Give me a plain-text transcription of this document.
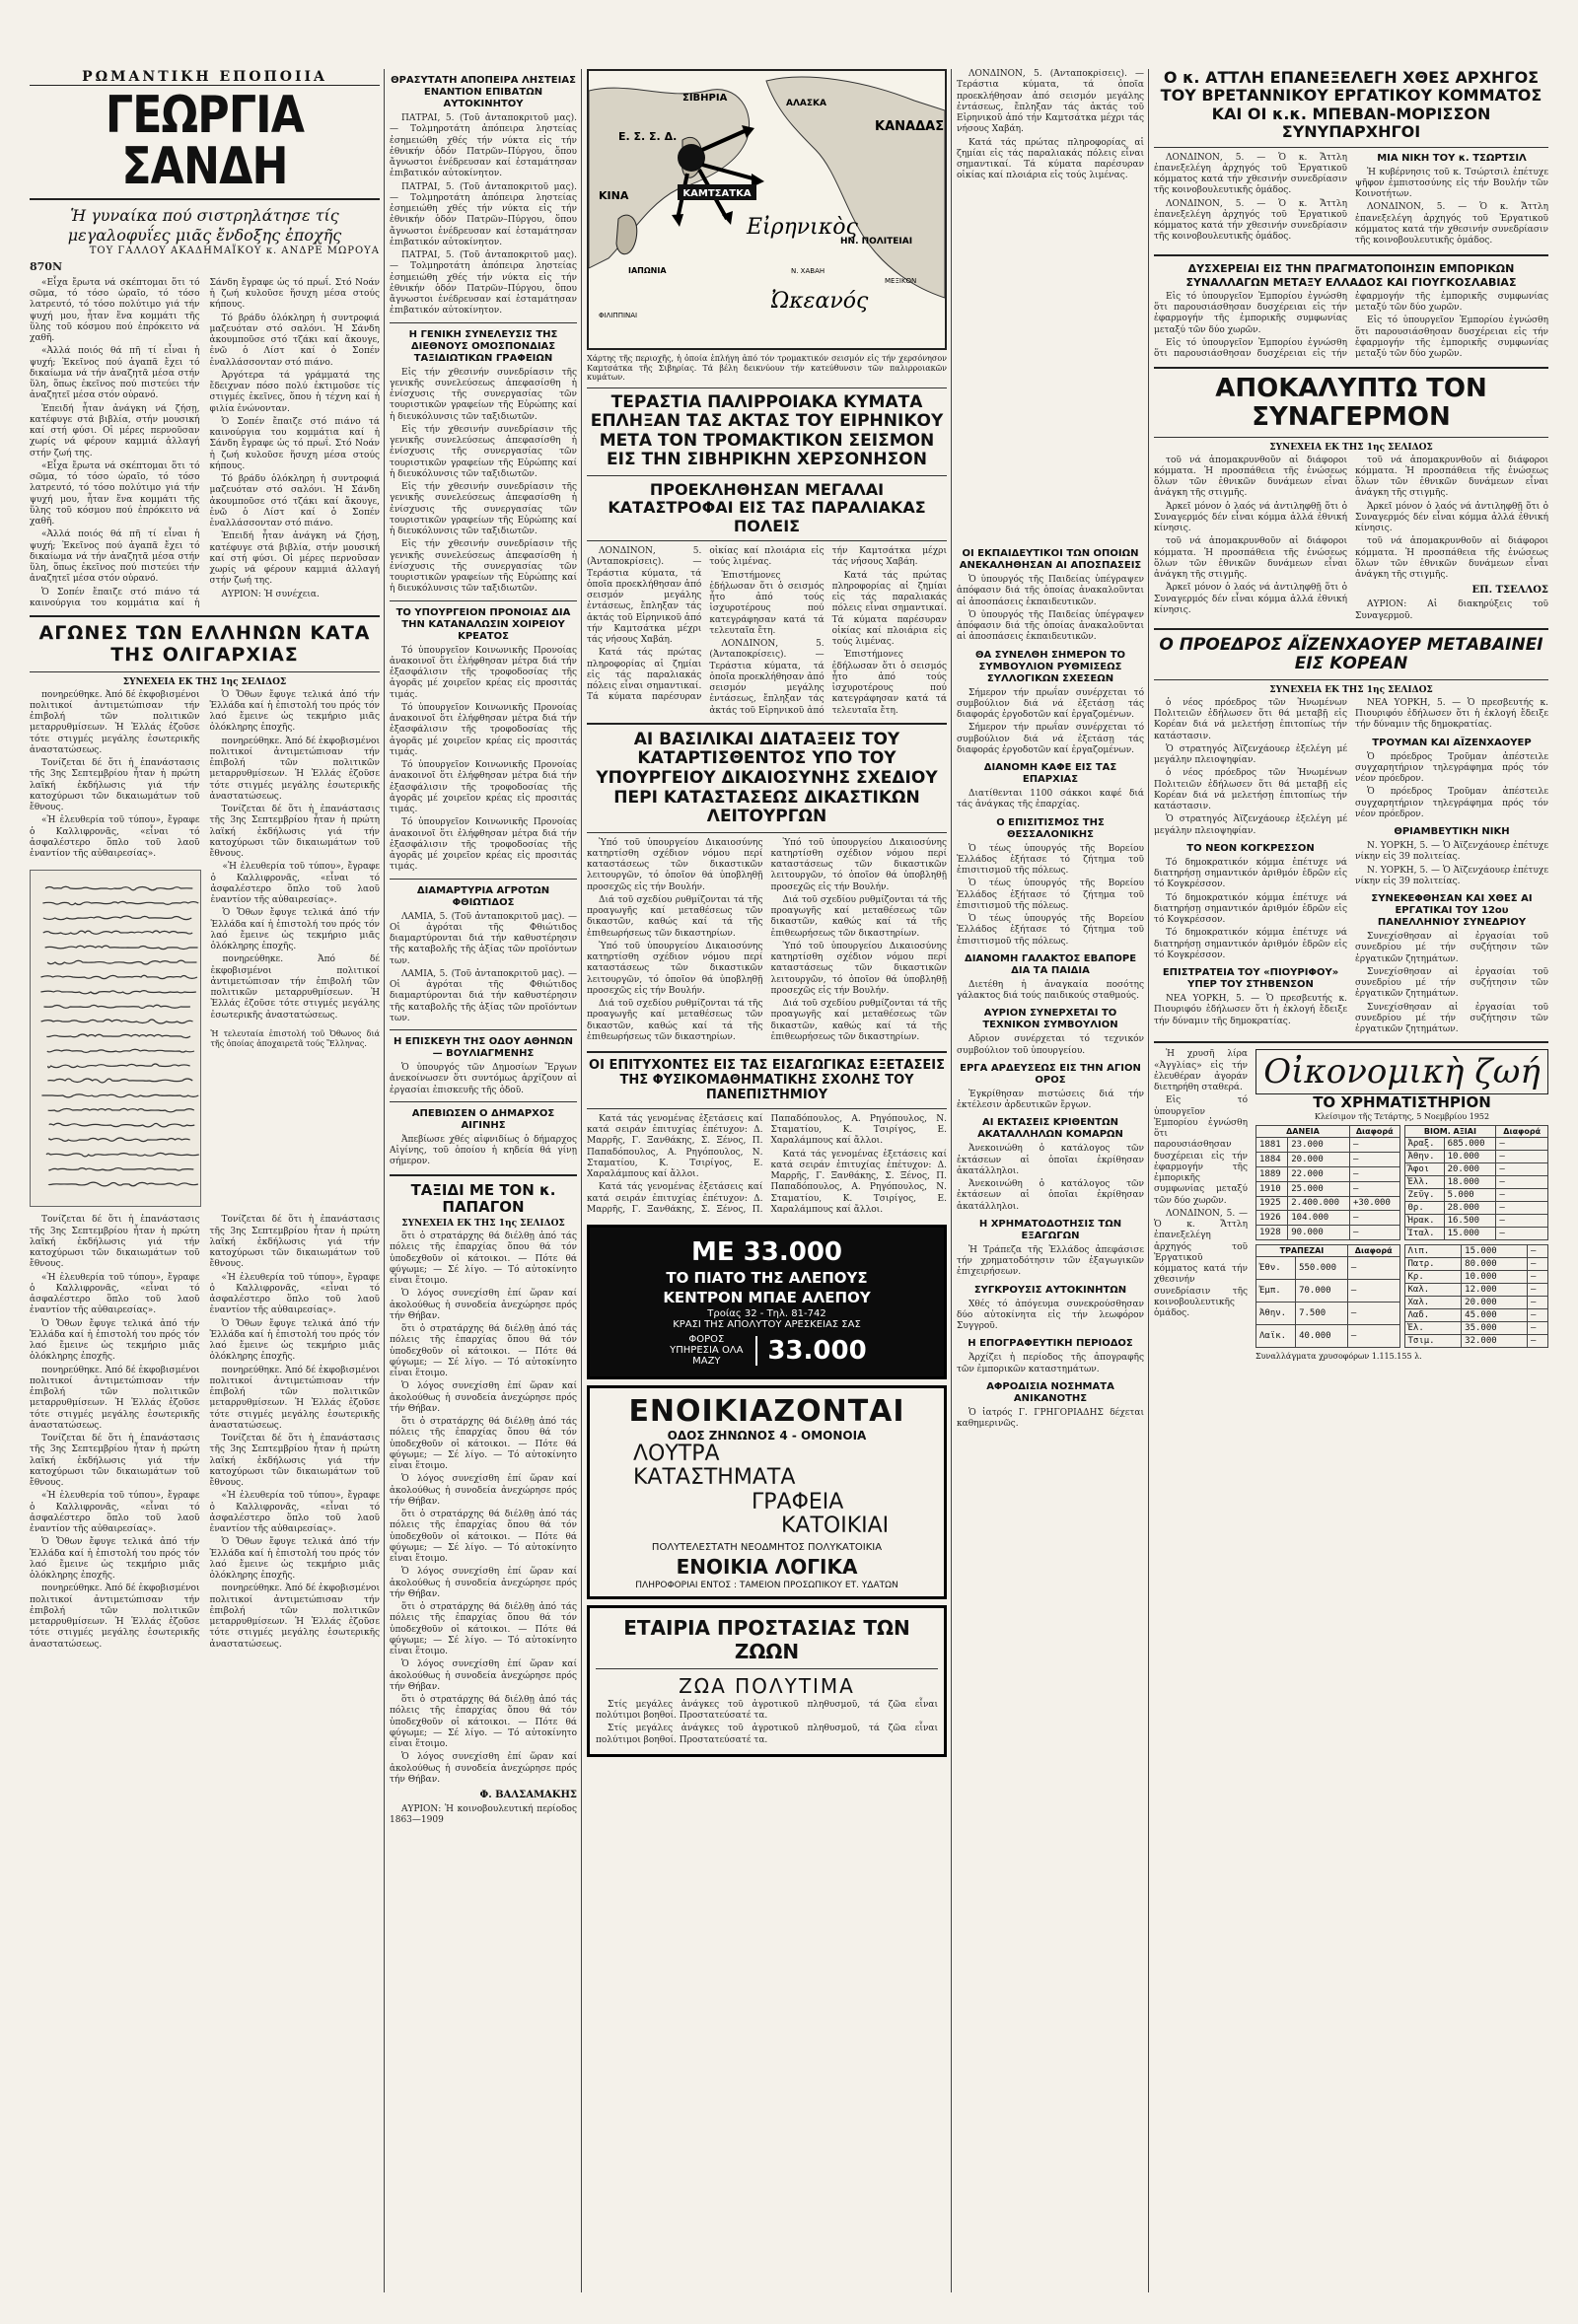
ΡΩΜΑΝΤΙΚΗ ΕΠΟΠΟΙΙΑ
ΓΕΩΡΓΙΑ ΣΑΝΔΗ
Ἡ γυναίκα πού σιστρηλάτησε τίς μεγαλοφυΐες μιᾶς ἔνδοξης ἐποχῆς
ΤΟΥ ΓΑΛΛΟΥ ΑΚΑΔΗΜΑΪΚΟΥ κ. ΑΝΔΡΕ ΜΩΡΟΥΑ

870Ν

«Εἶχα ἔρωτα νά σκέπτομαι ὅτι τό σῶμα, τό τόσο ὡραῖο, τό τόσο λατρευτό, τό τόσο πολύτιμο γιά τήν ψυχή μου, ἦταν ἕνα κομμάτι τῆς ὕλης τοῦ κόσμου πού ἐπρόκειτο νά χαθῆ.

«Ἀλλά ποιός θά πῆ τί εἶναι ἡ ψυχή; Ἐκεῖνος πού ἀγαπᾶ ἔχει τό δικαίωμα νά τήν ἀναζητᾶ μέσα στήν ὕλη, ὅπως ἐκεῖνος πού πιστεύει τήν ἀναζητεῖ μέσα στόν οὐρανό.

Ἐπειδή ἦταν ἀνάγκη νά ζήσῃ, κατέφυγε στά βιβλία, στήν μουσική καί στή φύσι. Οἱ μέρες περνοῦσαν χωρίς νά φέρουν καμμιά ἀλλαγή στήν ζωή της.

«Εἶχα ἔρωτα νά σκέπτομαι ὅτι τό σῶμα, τό τόσο ὡραῖο, τό τόσο λατρευτό, τό τόσο πολύτιμο γιά τήν ψυχή μου, ἦταν ἕνα κομμάτι τῆς ὕλης τοῦ κόσμου πού ἐπρόκειτο νά χαθῆ.

«Ἀλλά ποιός θά πῆ τί εἶναι ἡ ψυχή; Ἐκεῖνος πού ἀγαπᾶ ἔχει τό δικαίωμα νά τήν ἀναζητᾶ μέσα στήν ὕλη, ὅπως ἐκεῖνος πού πιστεύει τήν ἀναζητεῖ μέσα στόν οὐρανό.

Ὁ Σοπέν ἔπαιζε στό πιάνο τά καινούργια του κομμάτια καί ἡ Σάνδη ἔγραφε ὡς τό πρωΐ. Στό Νοάν ἡ ζωή κυλοῦσε ἥσυχη μέσα στούς κήπους.

Τό βράδυ ὁλόκληρη ἡ συντροφιά μαζευόταν στό σαλόνι. Ἡ Σάνδη ἀκουμποῦσε στό τζάκι καί ἄκουγε, ἐνῶ ὁ Λίστ καί ὁ Σοπέν ἐναλλάσσονταν στό πιάνο.

Ἀργότερα τά γράμματά της ἔδειχναν πόσο πολύ ἐκτιμοῦσε τίς στιγμές ἐκεῖνες, ὅπου ἡ τέχνη καί ἡ φιλία ἑνώνονταν.

Ὁ Σοπέν ἔπαιζε στό πιάνο τά καινούργια του κομμάτια καί ἡ Σάνδη ἔγραφε ὡς τό πρωΐ. Στό Νοάν ἡ ζωή κυλοῦσε ἥσυχη μέσα στούς κήπους.

Τό βράδυ ὁλόκληρη ἡ συντροφιά μαζευόταν στό σαλόνι. Ἡ Σάνδη ἀκουμποῦσε στό τζάκι καί ἄκουγε, ἐνῶ ὁ Λίστ καί ὁ Σοπέν ἐναλλάσσονταν στό πιάνο.

Ἐπειδή ἦταν ἀνάγκη νά ζήσῃ, κατέφυγε στά βιβλία, στήν μουσική καί στή φύσι. Οἱ μέρες περνοῦσαν χωρίς νά φέρουν καμμιά ἀλλαγή στήν ζωή της.

ΑΥΡΙΟΝ: Ἡ συνέχεια.

ΑΓΩΝΕΣ ΤΩΝ ΕΛΛΗΝΩΝ ΚΑΤΑ ΤΗΣ ΟΛΙΓΑΡΧΙΑΣ
ΣΥΝΕΧΕΙΑ ΕΚ ΤΗΣ 1ης ΣΕΛΙΔΟΣ

πονηρεύθηκε. Ἀπό δέ ἐκφοβισμένοι πολιτικοί ἀντιμετώπισαν τήν ἐπιβολή τῶν πολιτικῶν μεταρρυθμίσεων. Ἡ Ἑλλάς ἐζοῦσε τότε στιγμές μεγάλης ἐσωτερικῆς ἀναστατώσεως.

Τονίζεται δέ ὅτι ἡ ἐπανάστασις τῆς 3ης Σεπτεμβρίου ἦταν ἡ πρώτη λαϊκή ἐκδήλωσις γιά τήν κατοχύρωσι τῶν δικαιωμάτων τοῦ ἔθνους.

«Ἡ ἐλευθερία τοῦ τύπου», ἔγραφε ὁ Καλλιφρονᾶς, «εἶναι τό ἀσφαλέστερο ὅπλο τοῦ λαοῦ ἐναντίον τῆς αὐθαιρεσίας».

Ὁ Ὄθων ἔφυγε τελικά ἀπό τήν Ἑλλάδα καί ἡ ἐπιστολή του πρός τόν λαό ἔμεινε ὡς τεκμήριο μιᾶς ὁλόκληρης ἐποχῆς.

πονηρεύθηκε. Ἀπό δέ ἐκφοβισμένοι πολιτικοί ἀντιμετώπισαν τήν ἐπιβολή τῶν πολιτικῶν μεταρρυθμίσεων. Ἡ Ἑλλάς ἐζοῦσε τότε στιγμές μεγάλης ἐσωτερικῆς ἀναστατώσεως.

Τονίζεται δέ ὅτι ἡ ἐπανάστασις τῆς 3ης Σεπτεμβρίου ἦταν ἡ πρώτη λαϊκή ἐκδήλωσις γιά τήν κατοχύρωσι τῶν δικαιωμάτων τοῦ ἔθνους.

«Ἡ ἐλευθερία τοῦ τύπου», ἔγραφε ὁ Καλλιφρονᾶς, «εἶναι τό ἀσφαλέστερο ὅπλο τοῦ λαοῦ ἐναντίον τῆς αὐθαιρεσίας».

Ὁ Ὄθων ἔφυγε τελικά ἀπό τήν Ἑλλάδα καί ἡ ἐπιστολή του πρός τόν λαό ἔμεινε ὡς τεκμήριο μιᾶς ὁλόκληρης ἐποχῆς.

πονηρεύθηκε. Ἀπό δέ ἐκφοβισμένοι πολιτικοί ἀντιμετώπισαν τήν ἐπιβολή τῶν πολιτικῶν μεταρρυθμίσεων. Ἡ Ἑλλάς ἐζοῦσε τότε στιγμές μεγάλης ἐσωτερικῆς ἀναστατώσεως.

Ἡ τελευταία ἐπιστολή τοῦ Ὀθωνος διά τῆς ὁποίας ἀποχαιρετᾶ τούς Ἕλληνας.

Τονίζεται δέ ὅτι ἡ ἐπανάστασις τῆς 3ης Σεπτεμβρίου ἦταν ἡ πρώτη λαϊκή ἐκδήλωσις γιά τήν κατοχύρωσι τῶν δικαιωμάτων τοῦ ἔθνους.

«Ἡ ἐλευθερία τοῦ τύπου», ἔγραφε ὁ Καλλιφρονᾶς, «εἶναι τό ἀσφαλέστερο ὅπλο τοῦ λαοῦ ἐναντίον τῆς αὐθαιρεσίας».

Ὁ Ὄθων ἔφυγε τελικά ἀπό τήν Ἑλλάδα καί ἡ ἐπιστολή του πρός τόν λαό ἔμεινε ὡς τεκμήριο μιᾶς ὁλόκληρης ἐποχῆς.

πονηρεύθηκε. Ἀπό δέ ἐκφοβισμένοι πολιτικοί ἀντιμετώπισαν τήν ἐπιβολή τῶν πολιτικῶν μεταρρυθμίσεων. Ἡ Ἑλλάς ἐζοῦσε τότε στιγμές μεγάλης ἐσωτερικῆς ἀναστατώσεως.

Τονίζεται δέ ὅτι ἡ ἐπανάστασις τῆς 3ης Σεπτεμβρίου ἦταν ἡ πρώτη λαϊκή ἐκδήλωσις γιά τήν κατοχύρωσι τῶν δικαιωμάτων τοῦ ἔθνους.

«Ἡ ἐλευθερία τοῦ τύπου», ἔγραφε ὁ Καλλιφρονᾶς, «εἶναι τό ἀσφαλέστερο ὅπλο τοῦ λαοῦ ἐναντίον τῆς αὐθαιρεσίας».

Ὁ Ὄθων ἔφυγε τελικά ἀπό τήν Ἑλλάδα καί ἡ ἐπιστολή του πρός τόν λαό ἔμεινε ὡς τεκμήριο μιᾶς ὁλόκληρης ἐποχῆς.

πονηρεύθηκε. Ἀπό δέ ἐκφοβισμένοι πολιτικοί ἀντιμετώπισαν τήν ἐπιβολή τῶν πολιτικῶν μεταρρυθμίσεων. Ἡ Ἑλλάς ἐζοῦσε τότε στιγμές μεγάλης ἐσωτερικῆς ἀναστατώσεως.

Τονίζεται δέ ὅτι ἡ ἐπανάστασις τῆς 3ης Σεπτεμβρίου ἦταν ἡ πρώτη λαϊκή ἐκδήλωσις γιά τήν κατοχύρωσι τῶν δικαιωμάτων τοῦ ἔθνους.

«Ἡ ἐλευθερία τοῦ τύπου», ἔγραφε ὁ Καλλιφρονᾶς, «εἶναι τό ἀσφαλέστερο ὅπλο τοῦ λαοῦ ἐναντίον τῆς αὐθαιρεσίας».

Ὁ Ὄθων ἔφυγε τελικά ἀπό τήν Ἑλλάδα καί ἡ ἐπιστολή του πρός τόν λαό ἔμεινε ὡς τεκμήριο μιᾶς ὁλόκληρης ἐποχῆς.

πονηρεύθηκε. Ἀπό δέ ἐκφοβισμένοι πολιτικοί ἀντιμετώπισαν τήν ἐπιβολή τῶν πολιτικῶν μεταρρυθμίσεων. Ἡ Ἑλλάς ἐζοῦσε τότε στιγμές μεγάλης ἐσωτερικῆς ἀναστατώσεως.

Τονίζεται δέ ὅτι ἡ ἐπανάστασις τῆς 3ης Σεπτεμβρίου ἦταν ἡ πρώτη λαϊκή ἐκδήλωσις γιά τήν κατοχύρωσι τῶν δικαιωμάτων τοῦ ἔθνους.

«Ἡ ἐλευθερία τοῦ τύπου», ἔγραφε ὁ Καλλιφρονᾶς, «εἶναι τό ἀσφαλέστερο ὅπλο τοῦ λαοῦ ἐναντίον τῆς αὐθαιρεσίας».

Ὁ Ὄθων ἔφυγε τελικά ἀπό τήν Ἑλλάδα καί ἡ ἐπιστολή του πρός τόν λαό ἔμεινε ὡς τεκμήριο μιᾶς ὁλόκληρης ἐποχῆς.

πονηρεύθηκε. Ἀπό δέ ἐκφοβισμένοι πολιτικοί ἀντιμετώπισαν τήν ἐπιβολή τῶν πολιτικῶν μεταρρυθμίσεων. Ἡ Ἑλλάς ἐζοῦσε τότε στιγμές μεγάλης ἐσωτερικῆς ἀναστατώσεως.

ΘΡΑΣΥΤΑΤΗ ΑΠΟΠΕΙΡΑ ΛΗΣΤΕΙΑΣ ΕΝΑΝΤΙΟΝ ΕΠΙΒΑΤΩΝ ΑΥΤΟΚΙΝΗΤΟΥ

ΠΑΤΡΑΙ, 5. (Τοῦ ἀνταποκριτοῦ μας). — Τολμηροτάτη ἀπόπειρα ληστείας ἐσημειώθη χθές τήν νύκτα εἰς τήν ἐθνικήν ὁδόν Πατρῶν–Πύργου, ὅπου ἄγνωστοι ἐνέδρευσαν καί ἐσταμάτησαν ἐπιβατικόν αὐτοκίνητον.

ΠΑΤΡΑΙ, 5. (Τοῦ ἀνταποκριτοῦ μας). — Τολμηροτάτη ἀπόπειρα ληστείας ἐσημειώθη χθές τήν νύκτα εἰς τήν ἐθνικήν ὁδόν Πατρῶν–Πύργου, ὅπου ἄγνωστοι ἐνέδρευσαν καί ἐσταμάτησαν ἐπιβατικόν αὐτοκίνητον.

ΠΑΤΡΑΙ, 5. (Τοῦ ἀνταποκριτοῦ μας). — Τολμηροτάτη ἀπόπειρα ληστείας ἐσημειώθη χθές τήν νύκτα εἰς τήν ἐθνικήν ὁδόν Πατρῶν–Πύργου, ὅπου ἄγνωστοι ἐνέδρευσαν καί ἐσταμάτησαν ἐπιβατικόν αὐτοκίνητον.

Η ΓΕΝΙΚΗ ΣΥΝΕΛΕΥΣΙΣ ΤΗΣ ΔΙΕΘΝΟΥΣ ΟΜΟΣΠΟΝΔΙΑΣ ΤΑΞΙΔΙΩΤΙΚΩΝ ΓΡΑΦΕΙΩΝ

Εἰς τήν χθεσινήν συνεδρίασιν τῆς γενικῆς συνελεύσεως ἀπεφασίσθη ἡ ἐνίσχυσις τῆς συνεργασίας τῶν τουριστικῶν γραφείων τῆς Εὐρώπης καί ἡ διευκόλυνσις τῶν ταξιδιωτῶν.

Εἰς τήν χθεσινήν συνεδρίασιν τῆς γενικῆς συνελεύσεως ἀπεφασίσθη ἡ ἐνίσχυσις τῆς συνεργασίας τῶν τουριστικῶν γραφείων τῆς Εὐρώπης καί ἡ διευκόλυνσις τῶν ταξιδιωτῶν.

Εἰς τήν χθεσινήν συνεδρίασιν τῆς γενικῆς συνελεύσεως ἀπεφασίσθη ἡ ἐνίσχυσις τῆς συνεργασίας τῶν τουριστικῶν γραφείων τῆς Εὐρώπης καί ἡ διευκόλυνσις τῶν ταξιδιωτῶν.

Εἰς τήν χθεσινήν συνεδρίασιν τῆς γενικῆς συνελεύσεως ἀπεφασίσθη ἡ ἐνίσχυσις τῆς συνεργασίας τῶν τουριστικῶν γραφείων τῆς Εὐρώπης καί ἡ διευκόλυνσις τῶν ταξιδιωτῶν.

ΤΟ ΥΠΟΥΡΓΕΙΟΝ ΠΡΟΝΟΙΑΣ ΔΙΑ ΤΗΝ ΚΑΤΑΝΑΛΩΣΙΝ ΧΟΙΡΕΙΟΥ ΚΡΕΑΤΟΣ

Τό ὑπουργεῖον Κοινωνικῆς Προνοίας ἀνακοινοῖ ὅτι ἐλήφθησαν μέτρα διά τήν ἐξασφάλισιν τῆς τροφοδοσίας τῆς ἀγορᾶς μέ χοιρεῖον κρέας εἰς προσιτάς τιμάς.

Τό ὑπουργεῖον Κοινωνικῆς Προνοίας ἀνακοινοῖ ὅτι ἐλήφθησαν μέτρα διά τήν ἐξασφάλισιν τῆς τροφοδοσίας τῆς ἀγορᾶς μέ χοιρεῖον κρέας εἰς προσιτάς τιμάς.

Τό ὑπουργεῖον Κοινωνικῆς Προνοίας ἀνακοινοῖ ὅτι ἐλήφθησαν μέτρα διά τήν ἐξασφάλισιν τῆς τροφοδοσίας τῆς ἀγορᾶς μέ χοιρεῖον κρέας εἰς προσιτάς τιμάς.

Τό ὑπουργεῖον Κοινωνικῆς Προνοίας ἀνακοινοῖ ὅτι ἐλήφθησαν μέτρα διά τήν ἐξασφάλισιν τῆς τροφοδοσίας τῆς ἀγορᾶς μέ χοιρεῖον κρέας εἰς προσιτάς τιμάς.

ΔΙΑΜΑΡΤΥΡΙΑ ΑΓΡΟΤΩΝ ΦΘΙΩΤΙΔΟΣ

ΛΑΜΙΑ, 5. (Τοῦ ἀνταποκριτοῦ μας). — Οἱ ἀγρόται τῆς Φθιώτιδος διαμαρτύρονται διά τήν καθυστέρησιν τῆς καταβολῆς τῆς ἀξίας τῶν προϊόντων των.

ΛΑΜΙΑ, 5. (Τοῦ ἀνταποκριτοῦ μας). — Οἱ ἀγρόται τῆς Φθιώτιδος διαμαρτύρονται διά τήν καθυστέρησιν τῆς καταβολῆς τῆς ἀξίας τῶν προϊόντων των.

Η ΕΠΙΣΚΕΥΗ ΤΗΣ ΟΔΟΥ ΑΘΗΝΩΝ — ΒΟΥΛΙΑΓΜΕΝΗΣ

Ὁ ὑπουργός τῶν Δημοσίων Ἔργων ἀνεκοίνωσεν ὅτι συντόμως ἀρχίζουν αἱ ἐργασίαι ἐπισκευῆς τῆς ὁδοῦ.

ΑΠΕΒΙΩΣΕΝ Ο ΔΗΜΑΡΧΟΣ ΑΙΓΙΝΗΣ

Ἀπεβίωσε χθές αἰφνιδίως ὁ δήμαρχος Αἰγίνης, τοῦ ὁποίου ἡ κηδεία θά γίνῃ σήμερον.

ΤΑΞΙΔΙ ΜΕ ΤΟΝ κ. ΠΑΠΑΓΟΝ
ΣΥΝΕΧΕΙΑ ΕΚ ΤΗΣ 1ης ΣΕΛΙΔΟΣ

ὅτι ὁ στρατάρχης θά διέλθῃ ἀπό τάς πόλεις τῆς ἐπαρχίας ὅπου θά τόν ὑποδεχθοῦν οἱ κάτοικοι. — Πότε θά φύγωμε; — Σέ λίγο. — Τό αὐτοκίνητο εἶναι ἕτοιμο.

Ὁ λόγος συνεχίσθη ἐπί ὥραν καί ἀκολούθως ἡ συνοδεία ἀνεχώρησε πρός τήν Θήβαν.

ὅτι ὁ στρατάρχης θά διέλθῃ ἀπό τάς πόλεις τῆς ἐπαρχίας ὅπου θά τόν ὑποδεχθοῦν οἱ κάτοικοι. — Πότε θά φύγωμε; — Σέ λίγο. — Τό αὐτοκίνητο εἶναι ἕτοιμο.

Ὁ λόγος συνεχίσθη ἐπί ὥραν καί ἀκολούθως ἡ συνοδεία ἀνεχώρησε πρός τήν Θήβαν.

ὅτι ὁ στρατάρχης θά διέλθῃ ἀπό τάς πόλεις τῆς ἐπαρχίας ὅπου θά τόν ὑποδεχθοῦν οἱ κάτοικοι. — Πότε θά φύγωμε; — Σέ λίγο. — Τό αὐτοκίνητο εἶναι ἕτοιμο.

Ὁ λόγος συνεχίσθη ἐπί ὥραν καί ἀκολούθως ἡ συνοδεία ἀνεχώρησε πρός τήν Θήβαν.

ὅτι ὁ στρατάρχης θά διέλθῃ ἀπό τάς πόλεις τῆς ἐπαρχίας ὅπου θά τόν ὑποδεχθοῦν οἱ κάτοικοι. — Πότε θά φύγωμε; — Σέ λίγο. — Τό αὐτοκίνητο εἶναι ἕτοιμο.

Ὁ λόγος συνεχίσθη ἐπί ὥραν καί ἀκολούθως ἡ συνοδεία ἀνεχώρησε πρός τήν Θήβαν.

ὅτι ὁ στρατάρχης θά διέλθῃ ἀπό τάς πόλεις τῆς ἐπαρχίας ὅπου θά τόν ὑποδεχθοῦν οἱ κάτοικοι. — Πότε θά φύγωμε; — Σέ λίγο. — Τό αὐτοκίνητο εἶναι ἕτοιμο.

Ὁ λόγος συνεχίσθη ἐπί ὥραν καί ἀκολούθως ἡ συνοδεία ἀνεχώρησε πρός τήν Θήβαν.

ὅτι ὁ στρατάρχης θά διέλθῃ ἀπό τάς πόλεις τῆς ἐπαρχίας ὅπου θά τόν ὑποδεχθοῦν οἱ κάτοικοι. — Πότε θά φύγωμε; — Σέ λίγο. — Τό αὐτοκίνητο εἶναι ἕτοιμο.

Ὁ λόγος συνεχίσθη ἐπί ὥραν καί ἀκολούθως ἡ συνοδεία ἀνεχώρησε πρός τήν Θήβαν.

Φ. ΒΑΛΣΑΜΑΚΗΣ

ΑΥΡΙΟΝ: Ἡ κοινοβουλευτική περίοδος 1863—1909

ΚΑΜΤΣΑΤΚΑ
ΣΙΒΗΡΙΑ
Ε. Σ. Σ. Δ.
ΑΛΑΣΚΑ
ΚΑΝΑΔΑΣ
ΚΙΝΑ
ΙΑΠΩΝΙΑ
Εἰρηνικὸς
Ὠκεανός
ΗΝ. ΠΟΛΙΤΕΙΑΙ
Ν. ΧΑΒΑΗ
ΜΕΞΙΚΟΝ
ΦΙΛΙΠΠΙΝΑΙ

Χάρτης τῆς περιοχῆς, ἡ ὁποία ἐπλήγη ἀπό τόν τρομακτικόν σεισμόν εἰς τήν χερσόνησον Καμτσάτκα τῆς Σιβηρίας. Τά βέλη δεικνύουν τήν κατεύθυνσιν τῶν παλιρροιακῶν κυμάτων.

ΤΕΡΑΣΤΙΑ ΠΑΛΙΡΡΟΙΑΚΑ ΚΥΜΑΤΑ ΕΠΛΗΞΑΝ ΤΑΣ ΑΚΤΑΣ ΤΟΥ ΕΙΡΗΝΙΚΟΥ ΜΕΤΑ ΤΟΝ ΤΡΟΜΑΚΤΙΚΟΝ ΣΕΙΣΜΟΝ ΕΙΣ ΤΗΝ ΣΙΒΗΡΙΚΗΝ ΧΕΡΣΟΝΗΣΟΝ
ΠΡΟΕΚΛΗΘΗΣΑΝ ΜΕΓΑΛΑΙ ΚΑΤΑΣΤΡΟΦΑΙ ΕΙΣ ΤΑΣ ΠΑΡΑΛΙΑΚΑΣ ΠΟΛΕΙΣ

ΛΟΝΔΙΝΟΝ, 5. (Ἀνταποκρίσεις). — Τεράστια κύματα, τά ὁποῖα προεκλήθησαν ἀπό σεισμόν μεγάλης ἐντάσεως, ἔπληξαν τάς ἀκτάς τοῦ Εἰρηνικοῦ ἀπό τήν Καμτσάτκα μέχρι τάς νήσους Χαβάη.

Κατά τάς πρώτας πληροφορίας αἱ ζημίαι εἰς τάς παραλιακάς πόλεις εἶναι σημαντικαί. Τά κύματα παρέσυραν οἰκίας καί πλοιάρια εἰς τούς λιμένας.

Ἐπιστήμονες ἐδήλωσαν ὅτι ὁ σεισμός ἦτο ἀπό τούς ἰσχυροτέρους πού κατεγράφησαν κατά τά τελευταῖα ἔτη.

ΛΟΝΔΙΝΟΝ, 5. (Ἀνταποκρίσεις). — Τεράστια κύματα, τά ὁποῖα προεκλήθησαν ἀπό σεισμόν μεγάλης ἐντάσεως, ἔπληξαν τάς ἀκτάς τοῦ Εἰρηνικοῦ ἀπό τήν Καμτσάτκα μέχρι τάς νήσους Χαβάη.

Κατά τάς πρώτας πληροφορίας αἱ ζημίαι εἰς τάς παραλιακάς πόλεις εἶναι σημαντικαί. Τά κύματα παρέσυραν οἰκίας καί πλοιάρια εἰς τούς λιμένας.

Ἐπιστήμονες ἐδήλωσαν ὅτι ὁ σεισμός ἦτο ἀπό τούς ἰσχυροτέρους πού κατεγράφησαν κατά τά τελευταῖα ἔτη.

ΑΙ ΒΑΣΙΛΙΚΑΙ ΔΙΑΤΑΞΕΙΣ ΤΟΥ ΚΑΤΑΡΤΙΣΘΕΝΤΟΣ ΥΠΟ ΤΟΥ ΥΠΟΥΡΓΕΙΟΥ ΔΙΚΑΙΟΣΥΝΗΣ ΣΧΕΔΙΟΥ ΠΕΡΙ ΚΑΤΑΣΤΑΣΕΩΣ ΔΙΚΑΣΤΙΚΩΝ ΛΕΙΤΟΥΡΓΩΝ

Ὑπό τοῦ ὑπουργείου Δικαιοσύνης κατηρτίσθη σχέδιον νόμου περί καταστάσεως τῶν δικαστικῶν λειτουργῶν, τό ὁποῖον θά ὑποβληθῇ προσεχῶς εἰς τήν Βουλήν.

Διά τοῦ σχεδίου ρυθμίζονται τά τῆς προαγωγῆς καί μεταθέσεως τῶν δικαστῶν, καθώς καί τά τῆς ἐπιθεωρήσεως τῶν δικαστηρίων.

Ὑπό τοῦ ὑπουργείου Δικαιοσύνης κατηρτίσθη σχέδιον νόμου περί καταστάσεως τῶν δικαστικῶν λειτουργῶν, τό ὁποῖον θά ὑποβληθῇ προσεχῶς εἰς τήν Βουλήν.

Διά τοῦ σχεδίου ρυθμίζονται τά τῆς προαγωγῆς καί μεταθέσεως τῶν δικαστῶν, καθώς καί τά τῆς ἐπιθεωρήσεως τῶν δικαστηρίων.

Ὑπό τοῦ ὑπουργείου Δικαιοσύνης κατηρτίσθη σχέδιον νόμου περί καταστάσεως τῶν δικαστικῶν λειτουργῶν, τό ὁποῖον θά ὑποβληθῇ προσεχῶς εἰς τήν Βουλήν.

Διά τοῦ σχεδίου ρυθμίζονται τά τῆς προαγωγῆς καί μεταθέσεως τῶν δικαστῶν, καθώς καί τά τῆς ἐπιθεωρήσεως τῶν δικαστηρίων.

Ὑπό τοῦ ὑπουργείου Δικαιοσύνης κατηρτίσθη σχέδιον νόμου περί καταστάσεως τῶν δικαστικῶν λειτουργῶν, τό ὁποῖον θά ὑποβληθῇ προσεχῶς εἰς τήν Βουλήν.

Διά τοῦ σχεδίου ρυθμίζονται τά τῆς προαγωγῆς καί μεταθέσεως τῶν δικαστῶν, καθώς καί τά τῆς ἐπιθεωρήσεως τῶν δικαστηρίων.

ΟΙ ΕΠΙΤΥΧΟΝΤΕΣ ΕΙΣ ΤΑΣ ΕΙΣΑΓΩΓΙΚΑΣ ΕΞΕΤΑΣΕΙΣ ΤΗΣ ΦΥΣΙΚΟΜΑΘΗΜΑΤΙΚΗΣ ΣΧΟΛΗΣ ΤΟΥ ΠΑΝΕΠΙΣΤΗΜΙΟΥ

Κατά τάς γενομένας ἐξετάσεις καί κατά σειράν ἐπιτυχίας ἐπέτυχον: Δ. Μαρρῆς, Γ. Ξανθάκης, Σ. Ξένος, Π. Παπαδόπουλος, Α. Ρηγόπουλος, Ν. Σταματίου, Κ. Τσιρίγος, Ε. Χαραλάμπους καί ἄλλοι.

Κατά τάς γενομένας ἐξετάσεις καί κατά σειράν ἐπιτυχίας ἐπέτυχον: Δ. Μαρρῆς, Γ. Ξανθάκης, Σ. Ξένος, Π. Παπαδόπουλος, Α. Ρηγόπουλος, Ν. Σταματίου, Κ. Τσιρίγος, Ε. Χαραλάμπους καί ἄλλοι.

Κατά τάς γενομένας ἐξετάσεις καί κατά σειράν ἐπιτυχίας ἐπέτυχον: Δ. Μαρρῆς, Γ. Ξανθάκης, Σ. Ξένος, Π. Παπαδόπουλος, Α. Ρηγόπουλος, Ν. Σταματίου, Κ. Τσιρίγος, Ε. Χαραλάμπους καί ἄλλοι.

ΜΕ 33.000
ΤΟ ΠΙΑΤΟ ΤΗΣ ΑΛΕΠΟΥΣ
ΚΕΝΤΡΟΝ ΜΠΑΕ ΑΛΕΠΟΥ
Τροίας 32 - Τηλ. 81-742
ΚΡΑΣΙ ΤΗΣ ΑΠΟΛΥΤΟΥ ΑΡΕΣΚΕΙΑΣ ΣΑΣ
ΦΟΡΟΣ ΥΠΗΡΕΣΙΑ ΟΛΑ ΜΑΖΥ	33.000
ΕΝΟΙΚΙΑΖΟΝΤΑΙ
ΟΔΟΣ ΖΗΝΩΝΟΣ 4 - ΟΜΟΝΟΙΑ
ΛΟΥΤΡΑ
ΚΑΤΑΣΤΗΜΑΤΑ
ΓΡΑΦΕΙΑ
ΚΑΤΟΙΚΙΑΙ
ΠΟΛΥΤΕΛΕΣΤΑΤΗ ΝΕΟΔΜΗΤΟΣ ΠΟΛΥΚΑΤΟΙΚΙΑ
ΕΝΟΙΚΙΑ ΛΟΓΙΚΑ
ΠΛΗΡΟΦΟΡΙΑΙ ΕΝΤΟΣ : ΤΑΜΕΙΟΝ ΠΡΟΣΩΠΙΚΟΥ ΕΤ. ΥΔΑΤΩΝ
ΕΤΑΙΡΙΑ ΠΡΟΣΤΑΣΙΑΣ ΤΩΝ ΖΩΩΝ
ΖΩΑ ΠΟΛΥΤΙΜΑ

Στίς μεγάλες ἀνάγκες τοῦ ἀγροτικοῦ πληθυσμοῦ, τά ζῶα εἶναι πολύτιμοι βοηθοί. Προστατεύσατέ τα.

Στίς μεγάλες ἀνάγκες τοῦ ἀγροτικοῦ πληθυσμοῦ, τά ζῶα εἶναι πολύτιμοι βοηθοί. Προστατεύσατέ τα.

ΛΟΝΔΙΝΟΝ, 5. (Ἀνταποκρίσεις). — Τεράστια κύματα, τά ὁποῖα προεκλήθησαν ἀπό σεισμόν μεγάλης ἐντάσεως, ἔπληξαν τάς ἀκτάς τοῦ Εἰρηνικοῦ ἀπό τήν Καμτσάτκα μέχρι τάς νήσους Χαβάη.

Κατά τάς πρώτας πληροφορίας αἱ ζημίαι εἰς τάς παραλιακάς πόλεις εἶναι σημαντικαί. Τά κύματα παρέσυραν οἰκίας καί πλοιάρια εἰς τούς λιμένας.

ΟΙ ΕΚΠΑΙΔΕΥΤΙΚΟΙ ΤΩΝ ΟΠΟΙΩΝ ΑΝΕΚΑΛΗΘΗΣΑΝ ΑΙ ΑΠΟΣΠΑΣΕΙΣ

Ὁ ὑπουργός τῆς Παιδείας ὑπέγραψεν ἀπόφασιν διά τῆς ὁποίας ἀνακαλοῦνται αἱ ἀποσπάσεις ἐκπαιδευτικῶν.

Ὁ ὑπουργός τῆς Παιδείας ὑπέγραψεν ἀπόφασιν διά τῆς ὁποίας ἀνακαλοῦνται αἱ ἀποσπάσεις ἐκπαιδευτικῶν.

ΘΑ ΣΥΝΕΛΘΗ ΣΗΜΕΡΟΝ ΤΟ ΣΥΜΒΟΥΛΙΟΝ ΡΥΘΜΙΣΕΩΣ ΣΥΛΛΟΓΙΚΩΝ ΣΧΕΣΕΩΝ

Σήμερον τήν πρωΐαν συνέρχεται τό συμβούλιον διά νά ἐξετάσῃ τάς διαφοράς ἐργοδοτῶν καί ἐργαζομένων.

Σήμερον τήν πρωΐαν συνέρχεται τό συμβούλιον διά νά ἐξετάσῃ τάς διαφοράς ἐργοδοτῶν καί ἐργαζομένων.

ΔΙΑΝΟΜΗ ΚΑΦΕ ΕΙΣ ΤΑΣ ΕΠΑΡΧΙΑΣ

Διατίθενται 1100 σάκκοι καφέ διά τάς ἀνάγκας τῆς ἐπαρχίας.

Ο ΕΠΙΣΙΤΙΣΜΟΣ ΤΗΣ ΘΕΣΣΑΛΟΝΙΚΗΣ

Ὁ τέως ὑπουργός τῆς Βορείου Ἑλλάδος ἐξήτασε τό ζήτημα τοῦ ἐπισιτισμοῦ τῆς πόλεως.

Ὁ τέως ὑπουργός τῆς Βορείου Ἑλλάδος ἐξήτασε τό ζήτημα τοῦ ἐπισιτισμοῦ τῆς πόλεως.

Ὁ τέως ὑπουργός τῆς Βορείου Ἑλλάδος ἐξήτασε τό ζήτημα τοῦ ἐπισιτισμοῦ τῆς πόλεως.

ΔΙΑΝΟΜΗ ΓΑΛΑΚΤΟΣ ΕΒΑΠΟΡΕ ΔΙΑ ΤΑ ΠΑΙΔΙΑ

Διετέθη ἡ ἀναγκαία ποσότης γάλακτος διά τούς παιδικούς σταθμούς.

ΑΥΡΙΟΝ ΣΥΝΕΡΧΕΤΑΙ ΤΟ ΤΕΧΝΙΚΟΝ ΣΥΜΒΟΥΛΙΟΝ

Αὔριον συνέρχεται τό τεχνικόν συμβούλιον τοῦ ὑπουργείου.

ΕΡΓΑ ΑΡΔΕΥΣΕΩΣ ΕΙΣ ΤΗΝ ΑΓΙΟΝ ΟΡΟΣ

Ἐγκρίθησαν πιστώσεις διά τήν ἐκτέλεσιν ἀρδευτικῶν ἔργων.

ΑΙ ΕΚΤΑΣΕΙΣ ΚΡΙΘΕΝΤΩΝ ΑΚΑΤΑΛΛΗΛΩΝ ΚΟΜΑΡΩΝ

Ἀνεκοινώθη ὁ κατάλογος τῶν ἐκτάσεων αἱ ὁποῖαι ἐκρίθησαν ἀκατάλληλοι.

Ἀνεκοινώθη ὁ κατάλογος τῶν ἐκτάσεων αἱ ὁποῖαι ἐκρίθησαν ἀκατάλληλοι.

Η ΧΡΗΜΑΤΟΔΟΤΗΣΙΣ ΤΩΝ ΕΞΑΓΩΓΩΝ

Ἡ Τράπεζα τῆς Ἑλλάδος ἀπεφάσισε τήν χρηματοδότησιν τῶν ἐξαγωγικῶν ἐπιχειρήσεων.

ΣΥΓΚΡΟΥΣΙΣ ΑΥΤΟΚΙΝΗΤΩΝ

Χθές τό ἀπόγευμα συνεκρούσθησαν δύο αὐτοκίνητα εἰς τήν λεωφόρον Συγγροῦ.

Η ΕΠΟΓΡΑΦΕΥΤΙΚΗ ΠΕΡΙΟΔΟΣ

Ἀρχίζει ἡ περίοδος τῆς ἀπογραφῆς τῶν ἐμπορικῶν καταστημάτων.

ΑΦΡΟΔΙΣΙΑ ΝΟΣΗΜΑΤΑ ΑΝΙΚΑΝΟΤΗΣ

Ὁ ἰατρός Γ. ΓΡΗΓΟΡΙΑΔΗΣ δέχεται καθημερινῶς.

Ο κ. ΑΤΤΛΗ ΕΠΑΝΕΞΕΛΕΓΗ ΧΘΕΣ ΑΡΧΗΓΟΣ ΤΟΥ ΒΡΕΤΑΝΝΙΚΟΥ ΕΡΓΑΤΙΚΟΥ ΚΟΜΜΑΤΟΣ ΚΑΙ ΟΙ κ.κ. ΜΠΕΒΑΝ-ΜΟΡΙΣΣΟΝ ΣΥΝΥΠΑΡΧΗΓΟΙ

ΛΟΝΔΙΝΟΝ, 5. — Ὁ κ. Ἄττλη ἐπανεξελέγη ἀρχηγός τοῦ Ἐργατικοῦ κόμματος κατά τήν χθεσινήν συνεδρίασιν τῆς κοινοβουλευτικῆς ὁμάδος.

ΛΟΝΔΙΝΟΝ, 5. — Ὁ κ. Ἄττλη ἐπανεξελέγη ἀρχηγός τοῦ Ἐργατικοῦ κόμματος κατά τήν χθεσινήν συνεδρίασιν τῆς κοινοβουλευτικῆς ὁμάδος.

ΜΙΑ ΝΙΚΗ ΤΟΥ κ. ΤΣΩΡΤΣΙΛ

Ἡ κυβέρνησις τοῦ κ. Τσώρτσιλ ἐπέτυχε ψῆφον ἐμπιστοσύνης εἰς τήν Βουλήν τῶν Κοινοτήτων.

ΛΟΝΔΙΝΟΝ, 5. — Ὁ κ. Ἄττλη ἐπανεξελέγη ἀρχηγός τοῦ Ἐργατικοῦ κόμματος κατά τήν χθεσινήν συνεδρίασιν τῆς κοινοβουλευτικῆς ὁμάδος.

ΔΥΣΧΕΡΕΙΑΙ ΕΙΣ ΤΗΝ ΠΡΑΓΜΑΤΟΠΟΙΗΣΙΝ ΕΜΠΟΡΙΚΩΝ ΣΥΝΑΛΛΑΓΩΝ ΜΕΤΑΞΥ ΕΛΛΑΔΟΣ ΚΑΙ ΓΙΟΥΓΚΟΣΛΑΒΙΑΣ

Εἰς τό ὑπουργεῖον Ἐμπορίου ἐγνώσθη ὅτι παρουσιάσθησαν δυσχέρειαι εἰς τήν ἐφαρμογήν τῆς ἐμπορικῆς συμφωνίας μεταξύ τῶν δύο χωρῶν.

Εἰς τό ὑπουργεῖον Ἐμπορίου ἐγνώσθη ὅτι παρουσιάσθησαν δυσχέρειαι εἰς τήν ἐφαρμογήν τῆς ἐμπορικῆς συμφωνίας μεταξύ τῶν δύο χωρῶν.

Εἰς τό ὑπουργεῖον Ἐμπορίου ἐγνώσθη ὅτι παρουσιάσθησαν δυσχέρειαι εἰς τήν ἐφαρμογήν τῆς ἐμπορικῆς συμφωνίας μεταξύ τῶν δύο χωρῶν.

ΑΠΟΚΑΛΥΠΤΩ ΤΟΝ ΣΥΝΑΓΕΡΜΟΝ
ΣΥΝΕΧΕΙΑ ΕΚ ΤΗΣ 1ης ΣΕΛΙΔΟΣ

τοῦ νά ἀπομακρυνθοῦν αἱ διάφοροι κόμματα. Ἡ προσπάθεια τῆς ἑνώσεως ὅλων τῶν ἐθνικῶν δυνάμεων εἶναι ἀνάγκη τῆς στιγμῆς.

Ἀρκεῖ μόνον ὁ λαός νά ἀντιληφθῇ ὅτι ὁ Συναγερμός δέν εἶναι κόμμα ἀλλά ἐθνική κίνησις.

τοῦ νά ἀπομακρυνθοῦν αἱ διάφοροι κόμματα. Ἡ προσπάθεια τῆς ἑνώσεως ὅλων τῶν ἐθνικῶν δυνάμεων εἶναι ἀνάγκη τῆς στιγμῆς.

Ἀρκεῖ μόνον ὁ λαός νά ἀντιληφθῇ ὅτι ὁ Συναγερμός δέν εἶναι κόμμα ἀλλά ἐθνική κίνησις.

τοῦ νά ἀπομακρυνθοῦν αἱ διάφοροι κόμματα. Ἡ προσπάθεια τῆς ἑνώσεως ὅλων τῶν ἐθνικῶν δυνάμεων εἶναι ἀνάγκη τῆς στιγμῆς.

Ἀρκεῖ μόνον ὁ λαός νά ἀντιληφθῇ ὅτι ὁ Συναγερμός δέν εἶναι κόμμα ἀλλά ἐθνική κίνησις.

τοῦ νά ἀπομακρυνθοῦν αἱ διάφοροι κόμματα. Ἡ προσπάθεια τῆς ἑνώσεως ὅλων τῶν ἐθνικῶν δυνάμεων εἶναι ἀνάγκη τῆς στιγμῆς.

ΕΠ. ΤΣΕΛΛΟΣ

ΑΥΡΙΟΝ: Αἱ διακηρύξεις τοῦ Συναγερμοῦ.

Ο ΠΡΟΕΔΡΟΣ ΑΪΖΕΝΧΑΟΥΕΡ ΜΕΤΑΒΑΙΝΕΙ ΕΙΣ ΚΟΡΕΑΝ
ΣΥΝΕΧΕΙΑ ΕΚ ΤΗΣ 1ης ΣΕΛΙΔΟΣ

ὁ νέος πρόεδρος τῶν Ἡνωμένων Πολιτειῶν ἐδήλωσεν ὅτι θά μεταβῇ εἰς Κορέαν διά νά μελετήσῃ ἐπιτοπίως τήν κατάστασιν.

Ὁ στρατηγός Ἀϊζενχάουερ ἐξελέγη μέ μεγάλην πλειοψηφίαν.

ὁ νέος πρόεδρος τῶν Ἡνωμένων Πολιτειῶν ἐδήλωσεν ὅτι θά μεταβῇ εἰς Κορέαν διά νά μελετήσῃ ἐπιτοπίως τήν κατάστασιν.

Ὁ στρατηγός Ἀϊζενχάουερ ἐξελέγη μέ μεγάλην πλειοψηφίαν.

ΤΟ ΝΕΟΝ ΚΟΓΚΡΕΣΣΟΝ

Τό δημοκρατικόν κόμμα ἐπέτυχε νά διατηρήσῃ σημαντικόν ἀριθμόν ἑδρῶν εἰς τό Κογκρέσσον.

Τό δημοκρατικόν κόμμα ἐπέτυχε νά διατηρήσῃ σημαντικόν ἀριθμόν ἑδρῶν εἰς τό Κογκρέσσον.

Τό δημοκρατικόν κόμμα ἐπέτυχε νά διατηρήσῃ σημαντικόν ἀριθμόν ἑδρῶν εἰς τό Κογκρέσσον.

ΕΠΙΣΤΡΑΤΕΙΑ ΤΟΥ «ΠΙΟΥΡΙΦΟΥ» ΥΠΕΡ ΤΟΥ ΣΤΗΒΕΝΣΟΝ

ΝΕΑ ΥΟΡΚΗ, 5. — Ὁ πρεσβευτής κ. Πιουριφόυ ἐδήλωσεν ὅτι ἡ ἐκλογή ἔδειξε τήν δύναμιν τῆς δημοκρατίας.

ΝΕΑ ΥΟΡΚΗ, 5. — Ὁ πρεσβευτής κ. Πιουριφόυ ἐδήλωσεν ὅτι ἡ ἐκλογή ἔδειξε τήν δύναμιν τῆς δημοκρατίας.

ΤΡΟΥΜΑΝ ΚΑΙ ΑΪΖΕΝΧΑΟΥΕΡ

Ὁ πρόεδρος Τροῦμαν ἀπέστειλε συγχαρητήριον τηλεγράφημα πρός τόν νέον πρόεδρον.

Ὁ πρόεδρος Τροῦμαν ἀπέστειλε συγχαρητήριον τηλεγράφημα πρός τόν νέον πρόεδρον.

ΘΡΙΑΜΒΕΥΤΙΚΗ ΝΙΚΗ

Ν. ΥΟΡΚΗ, 5. — Ὁ Ἀϊζενχάουερ ἐπέτυχε νίκην εἰς 39 πολιτείας.

Ν. ΥΟΡΚΗ, 5. — Ὁ Ἀϊζενχάουερ ἐπέτυχε νίκην εἰς 39 πολιτείας.

ΣΥΝΕΚΕΦΘΗΣΑΝ ΚΑΙ ΧΘΕΣ ΑΙ ΕΡΓΑΤΙΚΑΙ ΤΟΥ 12ου ΠΑΝΕΛΛΗΝΙΟΥ ΣΥΝΕΔΡΙΟΥ

Συνεχίσθησαν αἱ ἐργασίαι τοῦ συνεδρίου μέ τήν συζήτησιν τῶν ἐργατικῶν ζητημάτων.

Συνεχίσθησαν αἱ ἐργασίαι τοῦ συνεδρίου μέ τήν συζήτησιν τῶν ἐργατικῶν ζητημάτων.

Συνεχίσθησαν αἱ ἐργασίαι τοῦ συνεδρίου μέ τήν συζήτησιν τῶν ἐργατικῶν ζητημάτων.

Ἡ χρυσῆ λίρα «Ἀγγλίας» εἰς τήν ἐλευθέραν ἀγοράν διετηρήθη σταθερά.

Εἰς τό ὑπουργεῖον Ἐμπορίου ἐγνώσθη ὅτι παρουσιάσθησαν δυσχέρειαι εἰς τήν ἐφαρμογήν τῆς ἐμπορικῆς συμφωνίας μεταξύ τῶν δύο χωρῶν.

ΛΟΝΔΙΝΟΝ, 5. — Ὁ κ. Ἄττλη ἐπανεξελέγη ἀρχηγός τοῦ Ἐργατικοῦ κόμματος κατά τήν χθεσινήν συνεδρίασιν τῆς κοινοβουλευτικῆς ὁμάδος.

Οἰκονομικὴ ζωή
ΤΟ ΧΡΗΜΑΤΙΣΤΗΡΙΟΝ
Κλείσιμον τῆς Τετάρτης, 5 Νοεμβρίου 1952
ΔΑΝΕΙΑ		Διαφορά
1881	23.000	—
1884	20.000	—
1889	22.000	—
1910	25.000	—
1925	2.400.000	+30.000
1926	104.000	—
1928	90.000	—
ΒΙΟΜ. ΑΞΙΑΙ		Διαφορά
Ἀραξ.	685.000	—
Ἀθην.	10.000	—
Ἄφοι	20.000	—
Ἑλλ.	18.000	—
Ζεῦγ.	5.000	—
Θρ.	28.000	—
Ἡρακ.	16.500	—
Ἰταλ.	15.000	—
ΤΡΑΠΕΖΑΙ		Διαφορά
Ἐθν.	550.000	—
Ἐμπ.	70.000	—
Ἀθην.	7.500	—
Λαϊκ.	40.000	—
Λιπ.	15.000	—
Πατρ.	80.000	—
Κρ.	10.000	—
Καλ.	12.000	—
Χαλ.	20.000	—
Λαδ.	45.000	—
Ἐλ.	35.000	—
Τσιμ.	32.000	—
Συναλλάγματα χρυσοφόρων 1.115.155 λ.
